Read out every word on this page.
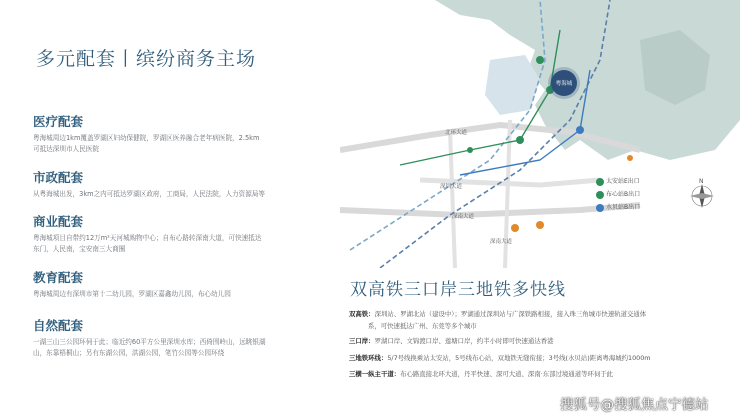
多元配套丨缤纷商务主场
医疗配套
粤海城周边1km覆盖罗湖区妇幼保健院，罗湖区医养融合老年病医院，2.5km
可抵达深圳市人民医院
市政配套
从粤海城出发，3km之内可抵达罗湖区政府，工商局，人民法院，人力资源局等
商业配套
粤海城项目自带约12万m²天河城购物中心；自布心路转深南大道，可快速抵达
东门，人民南，宝安南三大商圈
教育配套
粤海城周边有深圳市第十二幼儿园，罗湖区嘉鑫幼儿园，布心幼儿园
自然配套
一湖三山三公园环伺于此；临近约60平方公里深圳水库；西倚围岭山，远眺银湖
山，东靠梧桐山；另有东湖公园，洪湖公园，笔竹公园等公园环绕
粤海城
太安站E出口
布心站B出口
水贝站B出口
深圳大道
深南大道
深南大道
北环大道
N
双高铁三口岸三地铁多快线
双高铁：深圳站、罗湖北站（建设中）；罗湖通过深圳站与广深铁路相接，接入珠三角城市快速轨道交通体
系，可快速抵达广州、东莞等多个城市
三口岸：罗湖口岸、文锦渡口岸、莲塘口岸，约半小时即可快速通达香港
三地铁环线：5/7号线换乘站太安站，5号线布心站，双地铁无缝衔接；3号线(水贝站)距离粤海城约1000m
三横一纵主干道：布心路直接北环大道，丹平快速、深可大道、深南·东部过境通道等环伺于此
搜狐号@搜狐焦点宁德站
